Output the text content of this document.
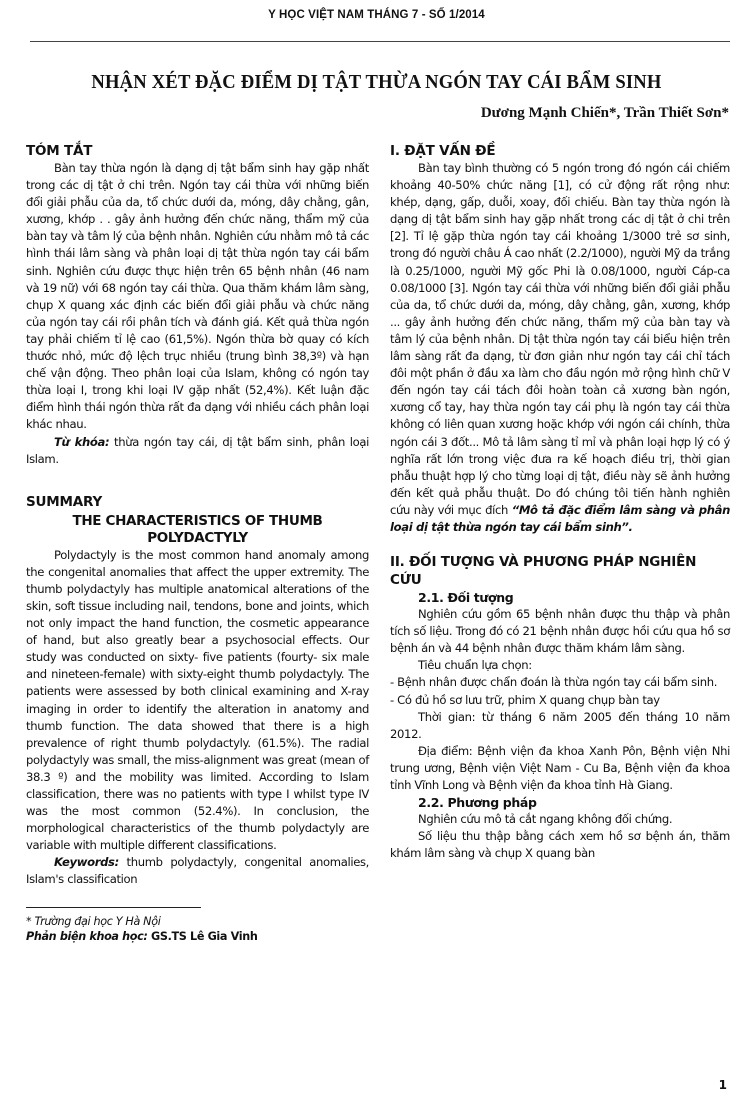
Y HỌC VIỆT NAM THÁNG 7 - SỐ 1/2014
NHẬN XÉT ĐẶC ĐIỂM DỊ TẬT THỪA NGÓN TAY CÁI BẨM SINH
Dương Mạnh Chiến*, Trần Thiết Sơn*
TÓM TẮT

Bàn tay thừa ngón là dạng dị tật bẩm sinh hay gặp nhất trong các dị tật ở chi trên. Ngón tay cái thừa với những biến đổi giải phẫu của da, tổ chức dưới da, móng, dây chằng, gân, xương, khớp . . gây ảnh hưởng đến chức năng, thẩm mỹ của bàn tay và tâm lý của bệnh nhân. Nghiên cứu nhằm mô tả các hình thái lâm sàng và phân loại dị tật thừa ngón tay cái bẩm sinh. Nghiên cứu được thực hiện trên 65 bệnh nhân (46 nam và 19 nữ) với 68 ngón tay cái thừa. Qua thăm khám lâm sàng, chụp X quang xác định các biến đổi giải phẫu và chức năng của ngón tay cái rồi phân tích và đánh giá. Kết quả thừa ngón tay phải chiếm tỉ lệ cao (61,5%). Ngón thừa bờ quay có kích thước nhỏ, mức độ lệch trục nhiều (trung bình 38,3º) và hạn chế vận động. Theo phân loại của Islam, không có ngón tay thừa loại I, trong khi loại IV gặp nhất (52,4%). Kết luận đặc điểm hình thái ngón thừa rất đa dạng với nhiều cách phân loại khác nhau.

Từ khóa: thừa ngón tay cái, dị tật bẩm sinh, phân loại Islam.

SUMMARY
THE CHARACTERISTICS OF THUMB POLYDACTYLY

Polydactyly is the most common hand anomaly among the congenital anomalies that affect the upper extremity. The thumb polydactyly has multiple anatomical alterations of the skin, soft tissue including nail, tendons, bone and joints, which not only impact the hand function, the cosmetic appearance of hand, but also greatly bear a psychosocial effects. Our study was conducted on sixty- five patients (fourty- six male and nineteen-female) with sixty-eight thumb polydactyly. The patients were assessed by both clinical examining and X-ray imaging in order to identify the alteration in anatomy and thumb function. The data showed that there is a high prevalence of right thumb polydactyly. (61.5%). The radial polydactyly was small, the miss-alignment was great (mean of 38.3 º) and the mobility was limited. According to Islam classification, there was no patients with type I whilst type IV was the most common (52.4%). In conclusion, the morphological characteristics of the thumb polydactyly are variable with multiple different classifications.

Keywords: thumb polydactyly, congenital anomalies, Islam's classification

* Trường đại học Y Hà Nội
Phản biện khoa học: GS.TS Lê Gia Vinh
I. ĐẶT VẤN ĐỀ

Bàn tay bình thường có 5 ngón trong đó ngón cái chiếm khoảng 40-50% chức năng [1], có cử động rất rộng như: khép, dạng, gấp, duỗi, xoay, đối chiếu. Bàn tay thừa ngón là dạng dị tật bẩm sinh hay gặp nhất trong các dị tật ở chi trên [2]. Tỉ lệ gặp thừa ngón tay cái khoảng 1/3000 trẻ sơ sinh, trong đó người châu Á cao nhất (2.2/1000), người Mỹ da trắng là 0.25/1000, người Mỹ gốc Phi là 0.08/1000, người Cáp-ca 0.08/1000 [3]. Ngón tay cái thừa với những biến đổi giải phẫu của da, tổ chức dưới da, móng, dây chằng, gân, xương, khớp ... gây ảnh hưởng đến chức năng, thẩm mỹ của bàn tay và tâm lý của bệnh nhân. Dị tật thừa ngón tay cái biểu hiện trên lâm sàng rất đa dạng, từ đơn giản như ngón tay cái chỉ tách đôi một phần ở đầu xa làm cho đầu ngón mở rộng hình chữ V đến ngón tay cái tách đôi hoàn toàn cả xương bàn ngón, xương cổ tay, hay thừa ngón tay cái phụ là ngón tay cái thừa không có liên quan xương hoặc khớp với ngón cái chính, thừa ngón cái 3 đốt... Mô tả lâm sàng tỉ mỉ và phân loại hợp lý có ý nghĩa rất lớn trong việc đưa ra kế hoạch điều trị, thời gian phẫu thuật hợp lý cho từng loại dị tật, điều này sẽ ảnh hưởng đến kết quả phẫu thuật. Do đó chúng tôi tiến hành nghiên cứu này với mục đích “Mô tả đặc điểm lâm sàng và phân loại dị tật thừa ngón tay cái bẩm sinh”.

II. ĐỐI TƯỢNG VÀ PHƯƠNG PHÁP NGHIÊN CỨU
2.1. Đối tượng

Nghiên cứu gồm 65 bệnh nhân được thu thập và phân tích số liệu. Trong đó có 21 bệnh nhân được hồi cứu qua hồ sơ bệnh án và 44 bệnh nhân được thăm khám lâm sàng.

Tiêu chuẩn lựa chọn:

- Bệnh nhân được chẩn đoán là thừa ngón tay cái bẩm sinh.

- Có đủ hồ sơ lưu trữ, phim X quang chụp bàn tay

Thời gian: từ tháng 6 năm 2005 đến tháng 10 năm 2012.

Địa điểm: Bệnh viện đa khoa Xanh Pôn, Bệnh viện Nhi trung ương, Bệnh viện Việt Nam - Cu Ba, Bệnh viện đa khoa tỉnh Vĩnh Long và Bệnh viện đa khoa tỉnh Hà Giang.

2.2. Phương pháp

Nghiên cứu mô tả cắt ngang không đối chứng.

Số liệu thu thập bằng cách xem hồ sơ bệnh án, thăm khám lâm sàng và chụp X quang bàn

1
